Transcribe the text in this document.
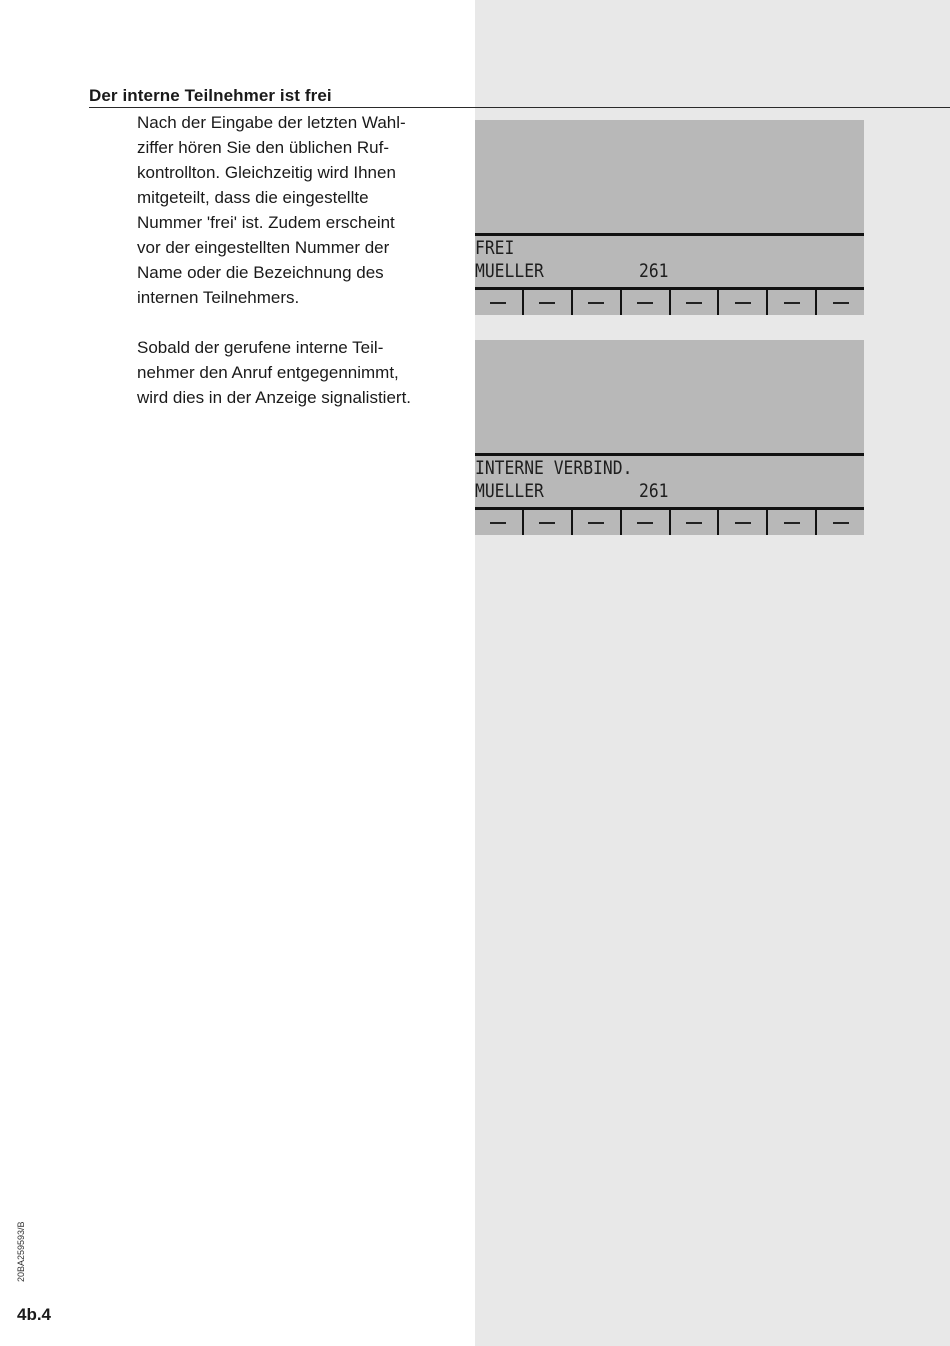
Der interne Teilnehmer ist frei

Nach der Eingabe der letzten Wahl-
ziffer hören Sie den üblichen Ruf-
kontrollton. Gleichzeitig wird Ihnen
mitgeteilt, dass die eingestellte
Nummer 'frei' ist. Zudem erscheint
vor der eingestellten Nummer der
Name oder die Bezeichnung des
internen Teilnehmers.

Sobald der gerufene interne Teil-
nehmer den Anruf entgegennimmt,
wird dies in der Anzeige signalistiert.

FREI
MUELLER	261
INTERNE VERBIND.
MUELLER	261
20BA259593/B
4b.4
